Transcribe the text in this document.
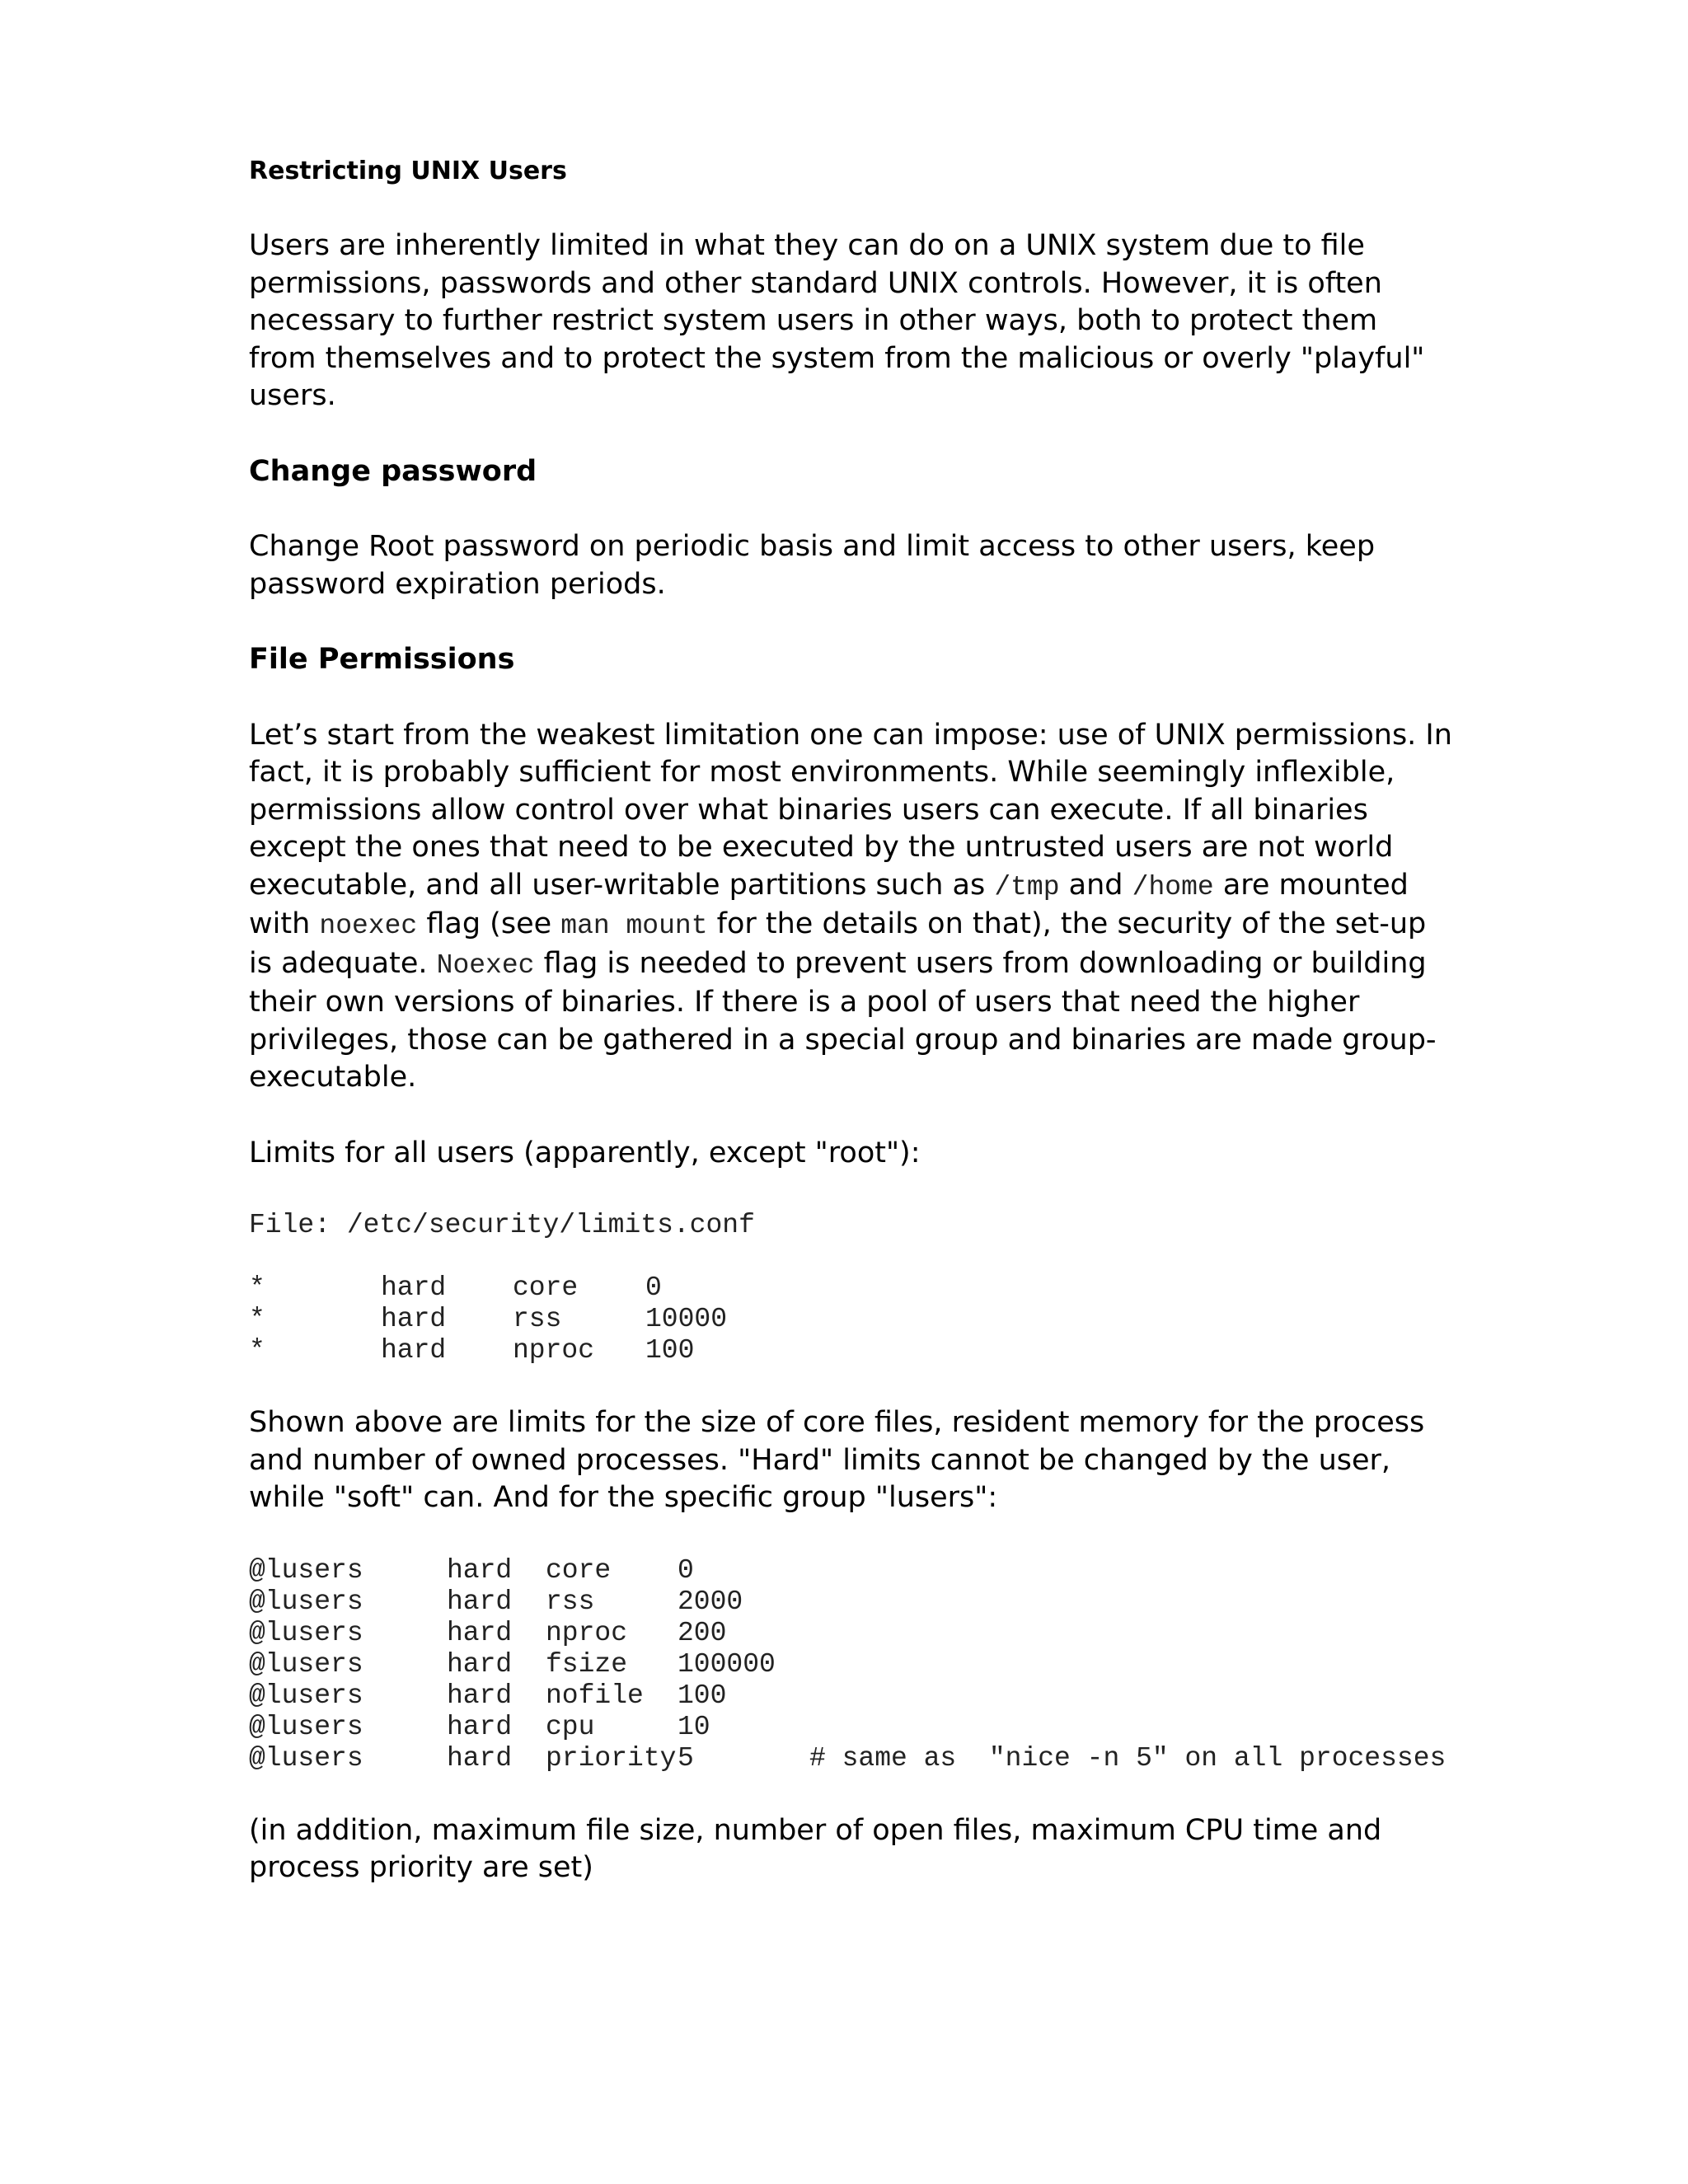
Restricting UNIX Users
Users are inherently limited in what they can do on a UNIX system due to file permissions, passwords and other standard UNIX controls. However, it is often necessary to further restrict system users in other ways, both to protect them from themselves and to protect the system from the malicious or overly "playful" users.
Change password
Change Root password on periodic basis and limit access to other users, keep password expiration periods.
File Permissions
Let’s start from the weakest limitation one can impose: use of UNIX permissions. In fact, it is probably sufficient for most environments. While seemingly inflexible, permissions allow control over what binaries users can execute. If all binaries except the ones that need to be executed by the untrusted users are not world executable, and all user-writable partitions such as /tmp and /home are mounted with noexec flag (see man mount for the details on that), the security of the set-up is adequate. Noexec flag is needed to prevent users from downloading or building their own versions of binaries. If there is a pool of users that need the higher privileges, those can be gathered in a special group and binaries are made group-executable.
Limits for all users (apparently, except "root"):
File: /etc/security/limits.conf
*	hard core 0
*	hard rss	10000
*	hard nproc 100
Shown above are limits for the size of core files, resident memory for the process and number of owned processes. "Hard" limits cannot be changed by the user, while "soft" can. And for the specific group "lusers":
@lusers	hard core 0
@lusers	hard rss	2000
@lusers	hard nproc 200
@lusers	hard fsize 100000
@lusers	hard nofile 100
@lusers	hard cpu	10
@lusers	hard priority5	# same as  "nice -n 5" on all processes
(in addition, maximum file size, number of open files, maximum CPU time and process priority are set)
